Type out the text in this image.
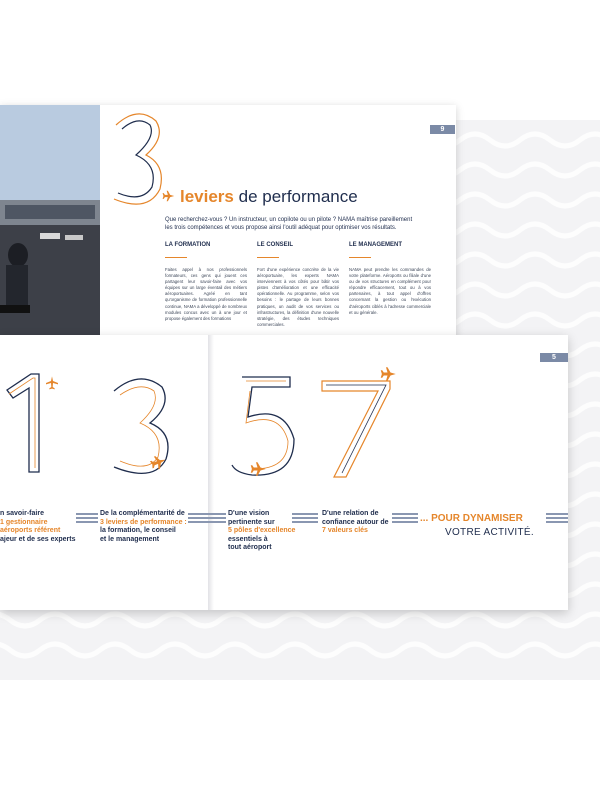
9
leviers de performance
Que recherchez-vous ? Un instructeur, un copilote ou un pilote ? NAMA maîtrise pareillement
les trois compétences et vous propose ainsi l'outil adéquat pour optimiser vos résultats.
LA FORMATION
Faites appel à nos professionnels formateurs, ces gens qui jouent ces partagent leur savoir-faire avec vos équipes sur un large éventail des métiers aéroportuaires. Agréé en tant qu'organisme de formation professionnelle continue, NAMA a développé de nombreux modules concus avec un à une jour et propose également des formations
LE CONSEIL
Fort d'une expérience concrète de la vie aéroportuaire, les experts NAMA interviennent à vos côtés pour bâtir vos pistes d'amélioration et une efficacité opérationnelle. Au programme, selon vos besoins : le partage de leurs bonnes pratiques, un audit de vos services ou infrastructures, la définition d'une nouvelle stratégie, des études techniques commerciales.
LE MANAGEMENT
NAMA peut prendre les commandes de votre plateforme. Aéroports ou filiale d'une ou de vos structures en complément pour répondre efficacement, tout ou à vos partenaires, à tout appel d'offres concernant la gestion ou l'exécution d'aéroports ciblés à l'adresse commerciale et ou générale.
5
n savoir-faire
1 gestionnaire
aéroports référent
ajeur et de ses experts
De la complémentarité de
3 leviers de performance :
la formation, le conseil
et le management
D'une vision
pertinente sur
5 pôles d'excellence
essentiels à
tout aéroport
D'une relation de
confiance autour de
7 valeurs clés
... POUR DYNAMISER
VOTRE ACTIVITÉ.
